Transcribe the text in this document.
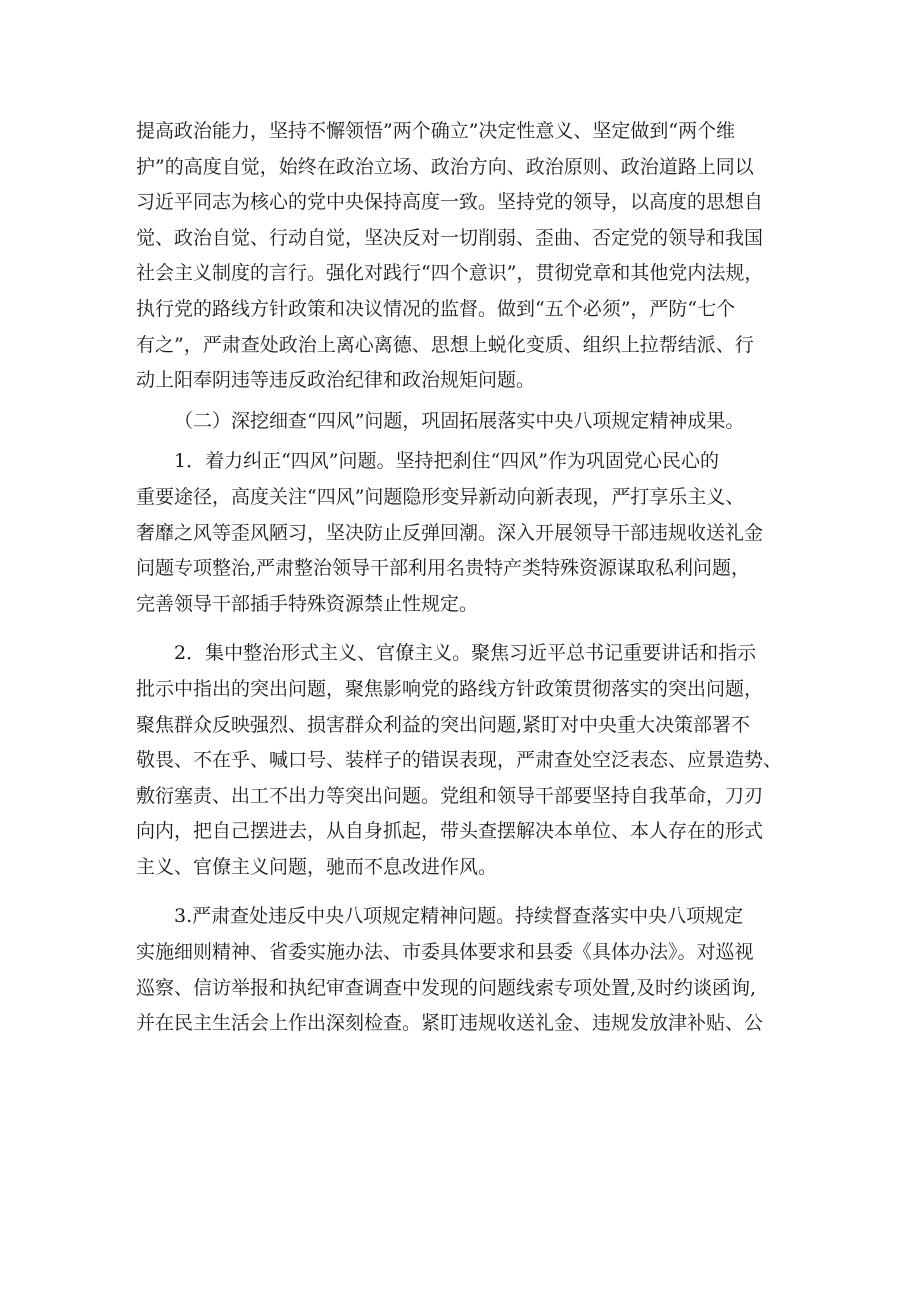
提高政治能力，坚持不懈领悟”两个确立”决定性意义、坚定做到“两个维
护”的高度自觉，始终在政治立场、政治方向、政治原则、政治道路上同以
习近平同志为核心的党中央保持高度一致。坚持党的领导，以高度的思想自
觉、政治自觉、行动自觉，坚决反对一切削弱、歪曲、否定党的领导和我国
社会主义制度的言行。强化对践行“四个意识”，贯彻党章和其他党内法规，
执行党的路线方针政策和决议情况的监督。做到“五个必须”，严防“七个
有之”，严肃查处政治上离心离德、思想上蜕化变质、组织上拉帮结派、行
动上阳奉阴违等违反政治纪律和政治规矩问题。
（二）深挖细查“四风”问题，巩固拓展落实中央八项规定精神成果。
1．着力纠正“四风”问题。坚持把刹住“四风”作为巩固党心民心的
重要途径，高度关注“四风”问题隐形变异新动向新表现，严打享乐主义、
奢靡之风等歪风陋习，坚决防止反弹回潮。深入开展领导干部违规收送礼金
问题专项整治,严肃整治领导干部利用名贵特产类特殊资源谋取私利问题，
完善领导干部插手特殊资源禁止性规定。
2．集中整治形式主义、官僚主义。聚焦习近平总书记重要讲话和指示
批示中指出的突出问题，聚焦影响党的路线方针政策贯彻落实的突出问题，
聚焦群众反映强烈、损害群众利益的突出问题,紧盯对中央重大决策部署不
敬畏、不在乎、喊口号、装样子的错误表现，严肃查处空泛表态、应景造势、
敷衍塞责、出工不出力等突出问题。党组和领导干部要坚持自我革命，刀刃
向内，把自己摆进去，从自身抓起，带头查摆解决本单位、本人存在的形式
主义、官僚主义问题，驰而不息改进作风。
3.严肃查处违反中央八项规定精神问题。持续督查落实中央八项规定
实施细则精神、省委实施办法、市委具体要求和县委《具体办法》。对巡视
巡察、信访举报和执纪审查调查中发现的问题线索专项处置,及时约谈函询,
并在民主生活会上作出深刻检查。紧盯违规收送礼金、违规发放津补贴、公
